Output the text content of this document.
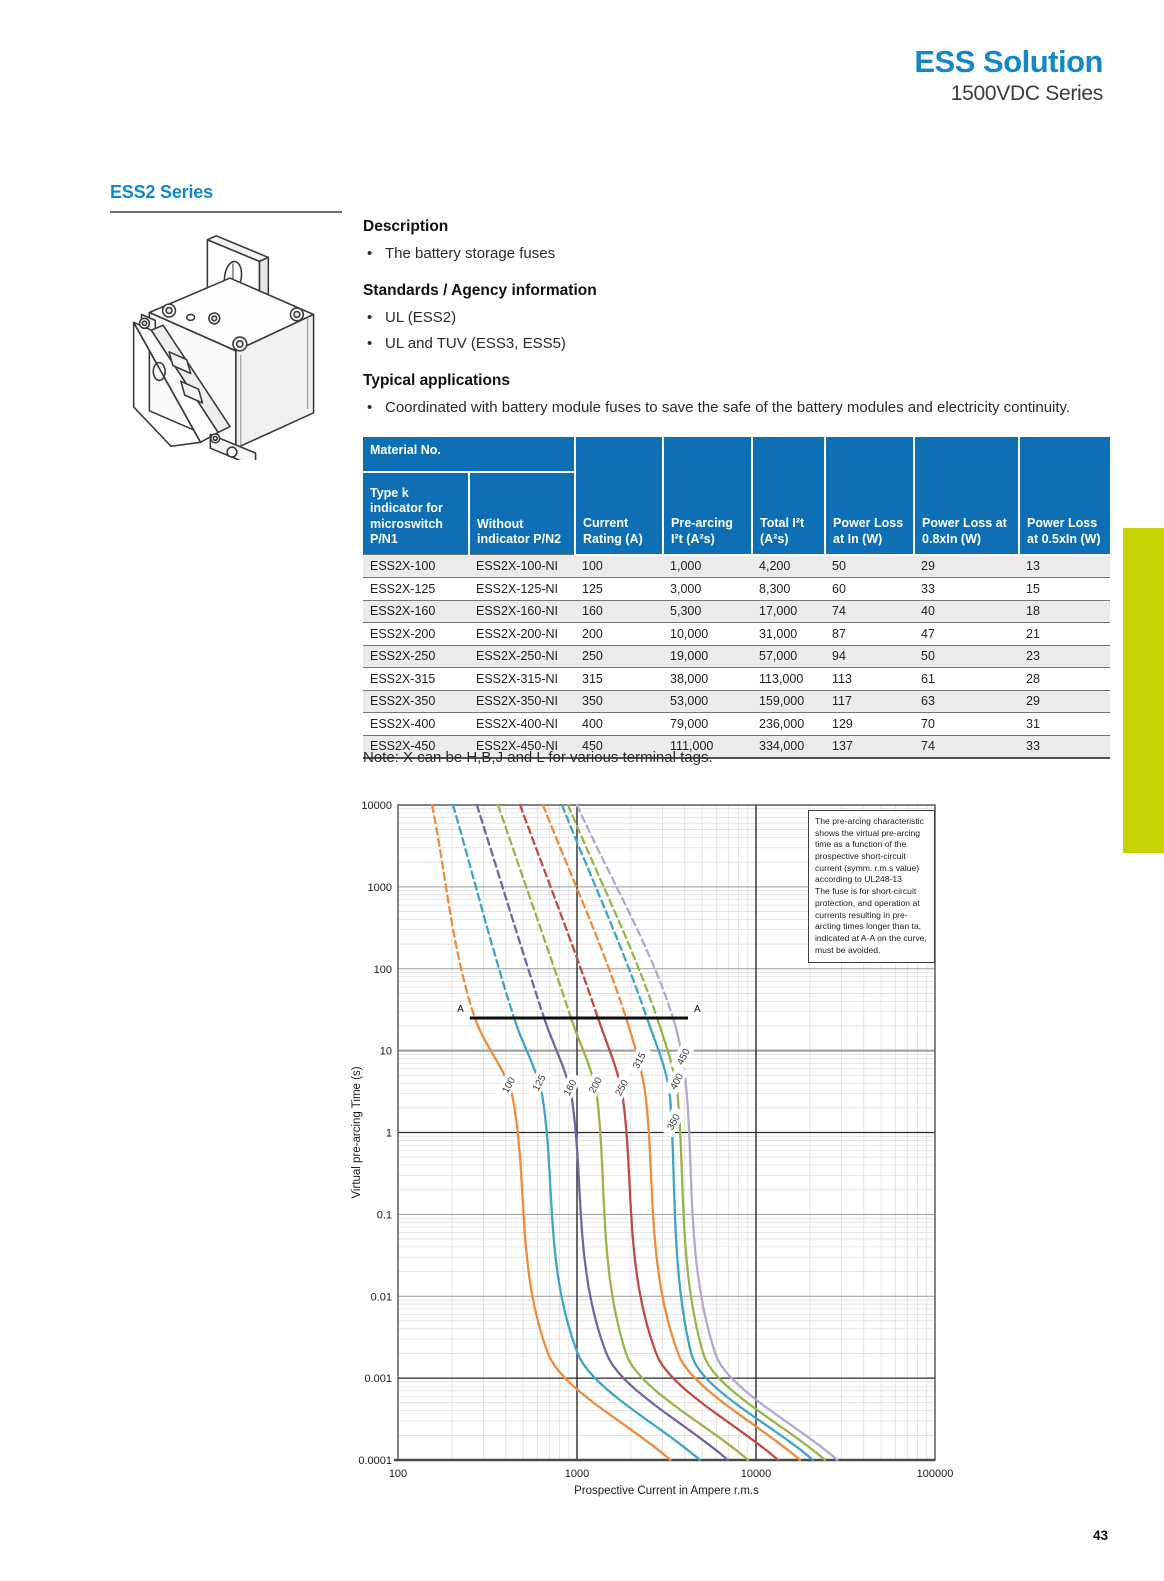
ESS Solution
1500VDC Series
ESS2 Series
Description
• The battery storage fuses
Standards / Agency information
• UL (ESS2)
• UL and TUV (ESS3, ESS5)
Typical applications
• Coordinated with battery module fuses to save the safe of the battery modules and electricity continuity.
Material No.		Current Rating (A)	Pre-arcing I²t (A²s)	Total I²t (A²s)	Power Loss at In (W)	Power Loss at 0.8xIn (W)	Power Loss at 0.5xIn (W)
Type k indicator for microswitch P/N1	Without indicator P/N2						
ESS2X-100	ESS2X-100-NI	100	1,000	4,200	50	29	13
ESS2X-125	ESS2X-125-NI	125	3,000	8,300	60	33	15
ESS2X-160	ESS2X-160-NI	160	5,300	17,000	74	40	18
ESS2X-200	ESS2X-200-NI	200	10,000	31,000	87	47	21
ESS2X-250	ESS2X-250-NI	250	19,000	57,000	94	50	23
ESS2X-315	ESS2X-315-NI	315	38,000	113,000	113	61	28
ESS2X-350	ESS2X-350-NI	350	53,000	159,000	117	63	29
ESS2X-400	ESS2X-400-NI	400	79,000	236,000	129	70	31
ESS2X-450	ESS2X-450-NI	450	111,000	334,000	137	74	33
Note: X can be H,B,J and L for various terminal tags.
A	A
100 125 160 200 250
315
350
400
450
10000
1000
100
10
1
0.1
0.01
0.001
0.0001
100	1000	10000	100000
Prospective Current in Ampere r.m.s
Virtual pre-arcing Time (s)

The pre-arcing characteristic shows the virtual pre-arcing time as a function of the prospective short-circuit current (symm. r.m.s value) according to UL248-13

The fuse is for short-circuit protection, and operation at currents resulting in pre-arcting times longer than ta, indicated at A-A on the curve, must be avoided.

43
